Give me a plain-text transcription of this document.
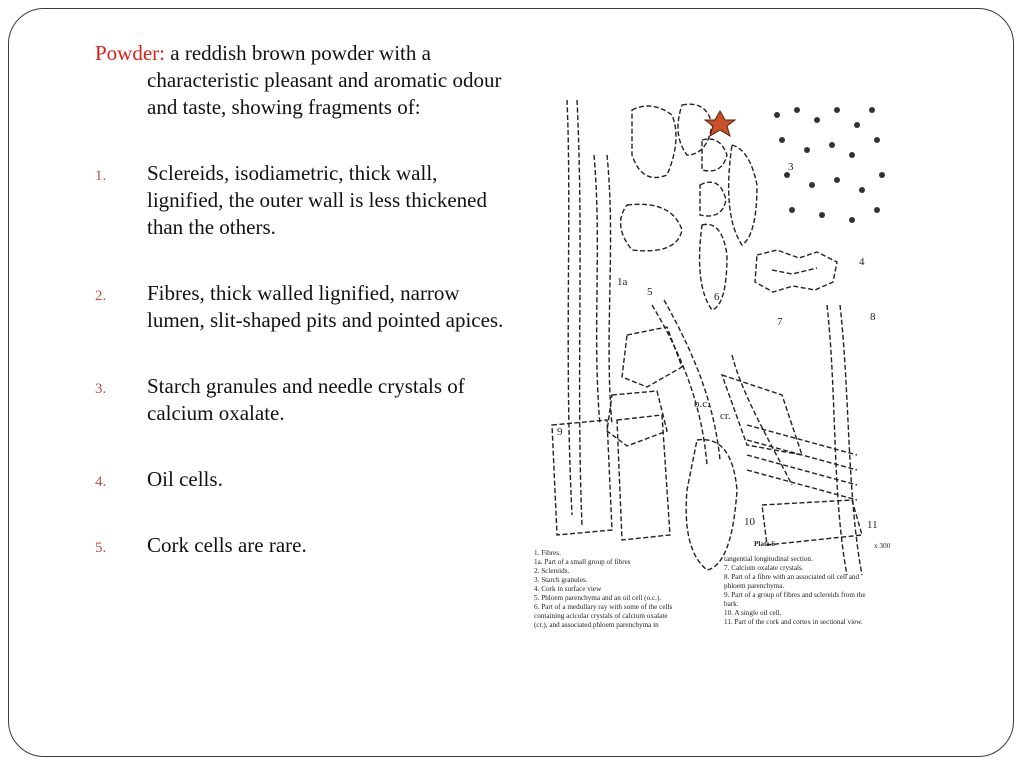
Powder: a reddish brown powder with a characteristic pleasant and aromatic odour and taste, showing fragments of:

1. Sclereids, isodiametric, thick wall, lignified, the outer wall is less thickened than the others.
2. Fibres, thick walled lignified, narrow lumen, slit-shaped pits and pointed apices.
3. Starch granules and needle crystals of calcium oxalate.
4. Oil cells.
5. Cork cells are rare.
1a
3
4
5	6
7	8
9
10	11
o.c.
cr.
Plate 6	x 300
1. Fibres.
1a. Part of a small group of fibres
2. Sclereids.
3. Starch granules.
4. Cork in surface view
5. Phloem parenchyma and an oil cell (o.c.).
6. Part of a medullary ray with some of the cells
containing acicular crystals of calcium oxalate
(cr.), and associated phloem parenchyma in
tangential longitudinal section.
7. Calcium oxalate crystals.
8. Part of a fibre with an associated oil cell and
phloem parenchyma.
9. Part of a group of fibres and sclereids from the
bark.
10. A single oil cell.
11. Part of the cork and cortex in sectional view.
